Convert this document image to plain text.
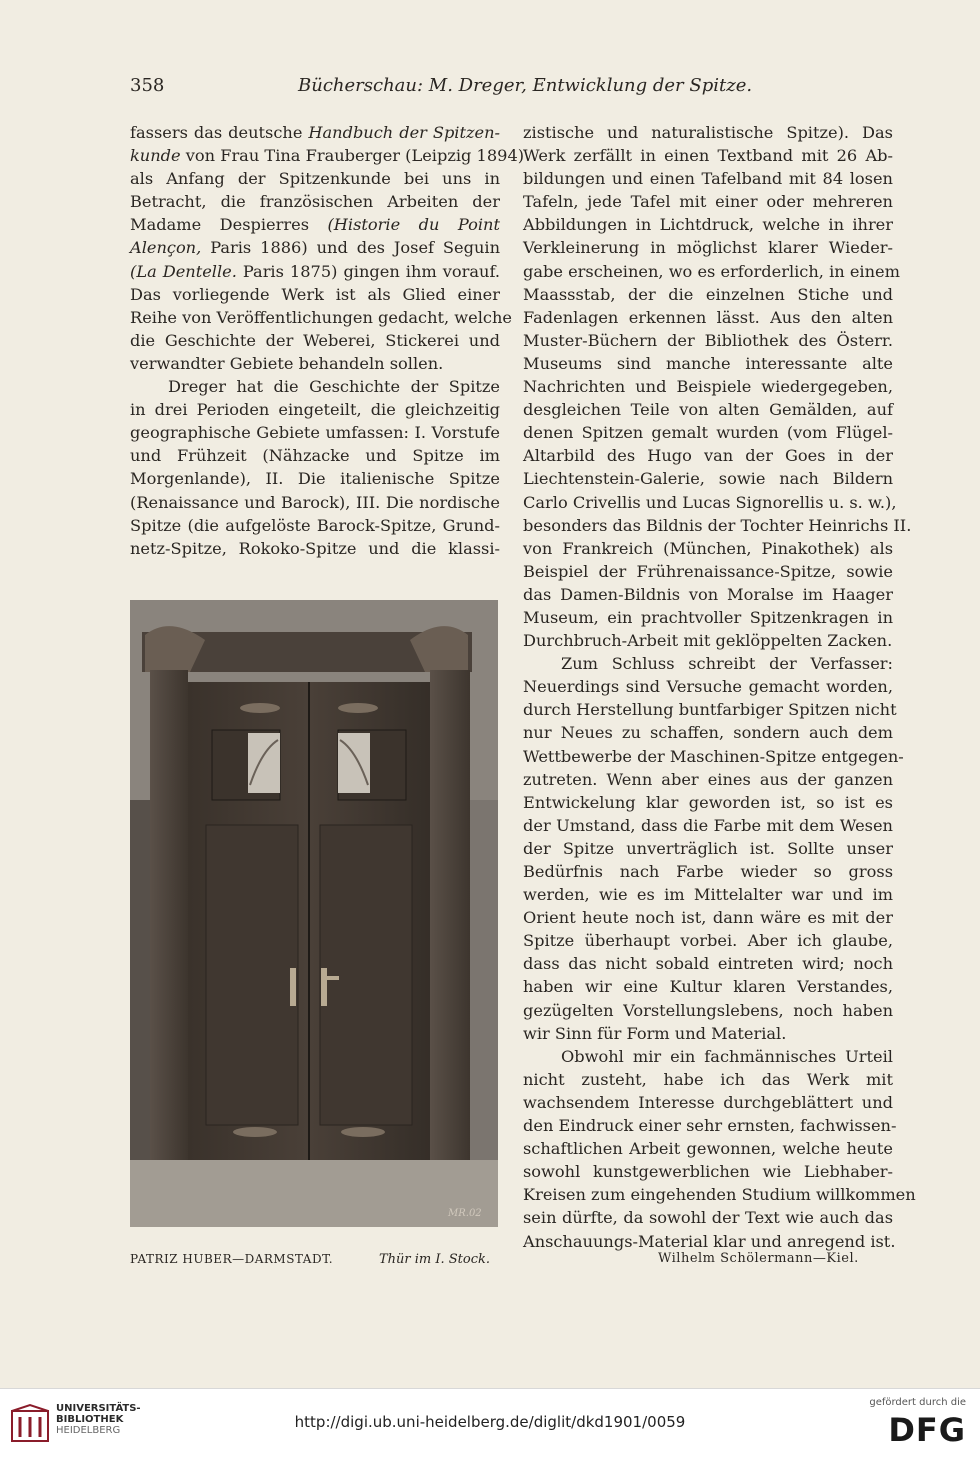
358	Bücherschau: M. Dreger, Entwicklung der Spitze.
fassers das deutsche Handbuch der Spitzen-
kunde von Frau Tina Frauberger (Leipzig 1894)
als Anfang der Spitzenkunde bei uns in
Betracht, die französischen Arbeiten der
Madame Despierres (Historie du Point
Alençon, Paris 1886) und des Josef Seguin
(La Dentelle. Paris 1875) gingen ihm vorauf.
Das vorliegende Werk ist als Glied einer
Reihe von Veröffentlichungen gedacht, welche
die Geschichte der Weberei, Stickerei und
verwandter Gebiete behandeln sollen.
Dreger hat die Geschichte der Spitze
in drei Perioden eingeteilt, die gleichzeitig
geographische Gebiete umfassen: I. Vorstufe
und Frühzeit (Nähzacke und Spitze im
Morgenlande), II. Die italienische Spitze
(Renaissance und Barock), III. Die nordische
Spitze (die aufgelöste Barock-Spitze, Grund-
netz-Spitze, Rokoko-Spitze und die klassi-
zistische und naturalistische Spitze). Das
Werk zerfällt in einen Textband mit 26 Ab-
bildungen und einen Tafelband mit 84 losen
Tafeln, jede Tafel mit einer oder mehreren
Abbildungen in Lichtdruck, welche in ihrer
Verkleinerung in möglichst klarer Wieder-
gabe erscheinen, wo es erforderlich, in einem
Maassstab, der die einzelnen Stiche und
Fadenlagen erkennen lässt. Aus den alten
Muster-Büchern der Bibliothek des Österr.
Museums sind manche interessante alte
Nachrichten und Beispiele wiedergegeben,
desgleichen Teile von alten Gemälden, auf
denen Spitzen gemalt wurden (vom Flügel-
Altarbild des Hugo van der Goes in der
Liechtenstein-Galerie, sowie nach Bildern
Carlo Crivellis und Lucas Signorellis u. s. w.),
besonders das Bildnis der Tochter Heinrichs II.
von Frankreich (München, Pinakothek) als
Beispiel der Frührenaissance-Spitze, sowie
das Damen-Bildnis von Moralse im Haager
Museum, ein prachtvoller Spitzenkragen in
Durchbruch-Arbeit mit geklöppelten Zacken.
Zum Schluss schreibt der Verfasser:
Neuerdings sind Versuche gemacht worden,
durch Herstellung buntfarbiger Spitzen nicht
nur Neues zu schaffen, sondern auch dem
Wettbewerbe der Maschinen-Spitze entgegen-
zutreten. Wenn aber eines aus der ganzen
Entwickelung klar geworden ist, so ist es
der Umstand, dass die Farbe mit dem Wesen
der Spitze unverträglich ist. Sollte unser
Bedürfnis nach Farbe wieder so gross
werden, wie es im Mittelalter war und im
Orient heute noch ist, dann wäre es mit der
Spitze überhaupt vorbei. Aber ich glaube,
dass das nicht sobald eintreten wird; noch
haben wir eine Kultur klaren Verstandes,
gezügelten Vorstellungslebens, noch haben
wir Sinn für Form und Material.
Obwohl mir ein fachmännisches Urteil
nicht zusteht, habe ich das Werk mit
wachsendem Interesse durchgeblättert und
den Eindruck einer sehr ernsten, fachwissen-
schaftlichen Arbeit gewonnen, welche heute
sowohl kunstgewerblichen wie Liebhaber-
Kreisen zum eingehenden Studium willkommen
sein dürfte, da sowohl der Text wie auch das
Anschauungs-Material klar und anregend ist.
MR.02
PATRIZ HUBER—DARMSTADT.	Thür im I. Stock.	Wilhelm Schölermann—Kiel.
UNIVERSITÄTS-
BIBLIOTHEK
HEIDELBERG	http://digi.ub.uni-heidelberg.de/diglit/dkd1901/0059
gefördert durch die
DFG
